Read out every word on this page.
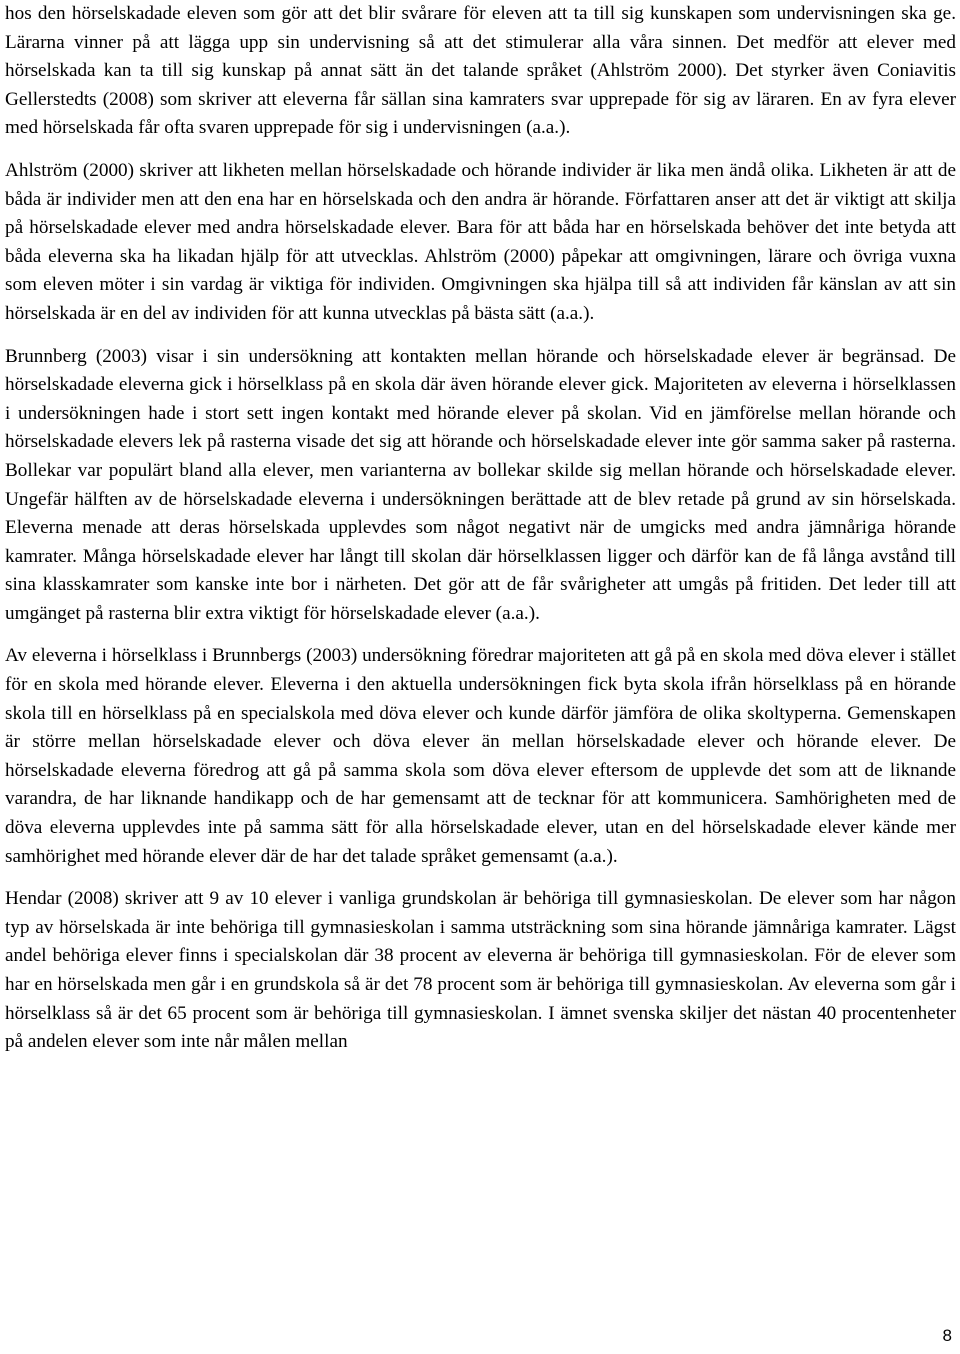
hos den hörselskadade eleven som gör att det blir svårare för eleven att ta till sig kunskapen som undervisningen ska ge. Lärarna vinner på att lägga upp sin undervisning så att det stimulerar alla våra sinnen. Det medför att elever med hörselskada kan ta till sig kunskap på annat sätt än det talande språket (Ahlström 2000). Det styrker även Coniavitis Gellerstedts (2008) som skriver att eleverna får sällan sina kamraters svar upprepade för sig av läraren. En av fyra elever med hörselskada får ofta svaren upprepade för sig i undervisningen (a.a.).

Ahlström (2000) skriver att likheten mellan hörselskadade och hörande individer är lika men ändå olika. Likheten är att de båda är individer men att den ena har en hörselskada och den andra är hörande. Författaren anser att det är viktigt att skilja på hörselskadade elever med andra hörselskadade elever. Bara för att båda har en hörselskada behöver det inte betyda att båda eleverna ska ha likadan hjälp för att utvecklas. Ahlström (2000) påpekar att omgivningen, lärare och övriga vuxna som eleven möter i sin vardag är viktiga för individen. Omgivningen ska hjälpa till så att individen får känslan av att sin hörselskada är en del av individen för att kunna utvecklas på bästa sätt (a.a.).

Brunnberg (2003) visar i sin undersökning att kontakten mellan hörande och hörselskadade elever är begränsad. De hörselskadade eleverna gick i hörselklass på en skola där även hörande elever gick. Majoriteten av eleverna i hörselklassen i undersökningen hade i stort sett ingen kontakt med hörande elever på skolan. Vid en jämförelse mellan hörande och hörselskadade elevers lek på rasterna visade det sig att hörande och hörselskadade elever inte gör samma saker på rasterna. Bollekar var populärt bland alla elever, men varianterna av bollekar skilde sig mellan hörande och hörselskadade elever. Ungefär hälften av de hörselskadade eleverna i undersökningen berättade att de blev retade på grund av sin hörselskada. Eleverna menade att deras hörselskada upplevdes som något negativt när de umgicks med andra jämnåriga hörande kamrater. Många hörselskadade elever har långt till skolan där hörselklassen ligger och därför kan de få långa avstånd till sina klasskamrater som kanske inte bor i närheten. Det gör att de får svårigheter att umgås på fritiden. Det leder till att umgänget på rasterna blir extra viktigt för hörselskadade elever (a.a.).

Av eleverna i hörselklass i Brunnbergs (2003) undersökning föredrar majoriteten att gå på en skola med döva elever i stället för en skola med hörande elever. Eleverna i den aktuella undersökningen fick byta skola ifrån hörselklass på en hörande skola till en hörselklass på en specialskola med döva elever och kunde därför jämföra de olika skoltyperna. Gemenskapen är större mellan hörselskadade elever och döva elever än mellan hörselskadade elever och hörande elever. De hörselskadade eleverna föredrog att gå på samma skola som döva elever eftersom de upplevde det som att de liknande varandra, de har liknande handikapp och de har gemensamt att de tecknar för att kommunicera. Samhörigheten med de döva eleverna upplevdes inte på samma sätt för alla hörselskadade elever, utan en del hörselskadade elever kände mer samhörighet med hörande elever där de har det talade språket gemensamt (a.a.).

Hendar (2008) skriver att 9 av 10 elever i vanliga grundskolan är behöriga till gymnasieskolan. De elever som har någon typ av hörselskada är inte behöriga till gymnasieskolan i samma utsträckning som sina hörande jämnåriga kamrater. Lägst andel behöriga elever finns i specialskolan där 38 procent av eleverna är behöriga till gymnasieskolan. För de elever som har en hörselskada men går i en grundskola så är det 78 procent som är behöriga till gymnasieskolan. Av eleverna som går i hörselklass så är det 65 procent som är behöriga till gymnasieskolan. I ämnet svenska skiljer det nästan 40 procentenheter på andelen elever som inte når målen mellan

8
